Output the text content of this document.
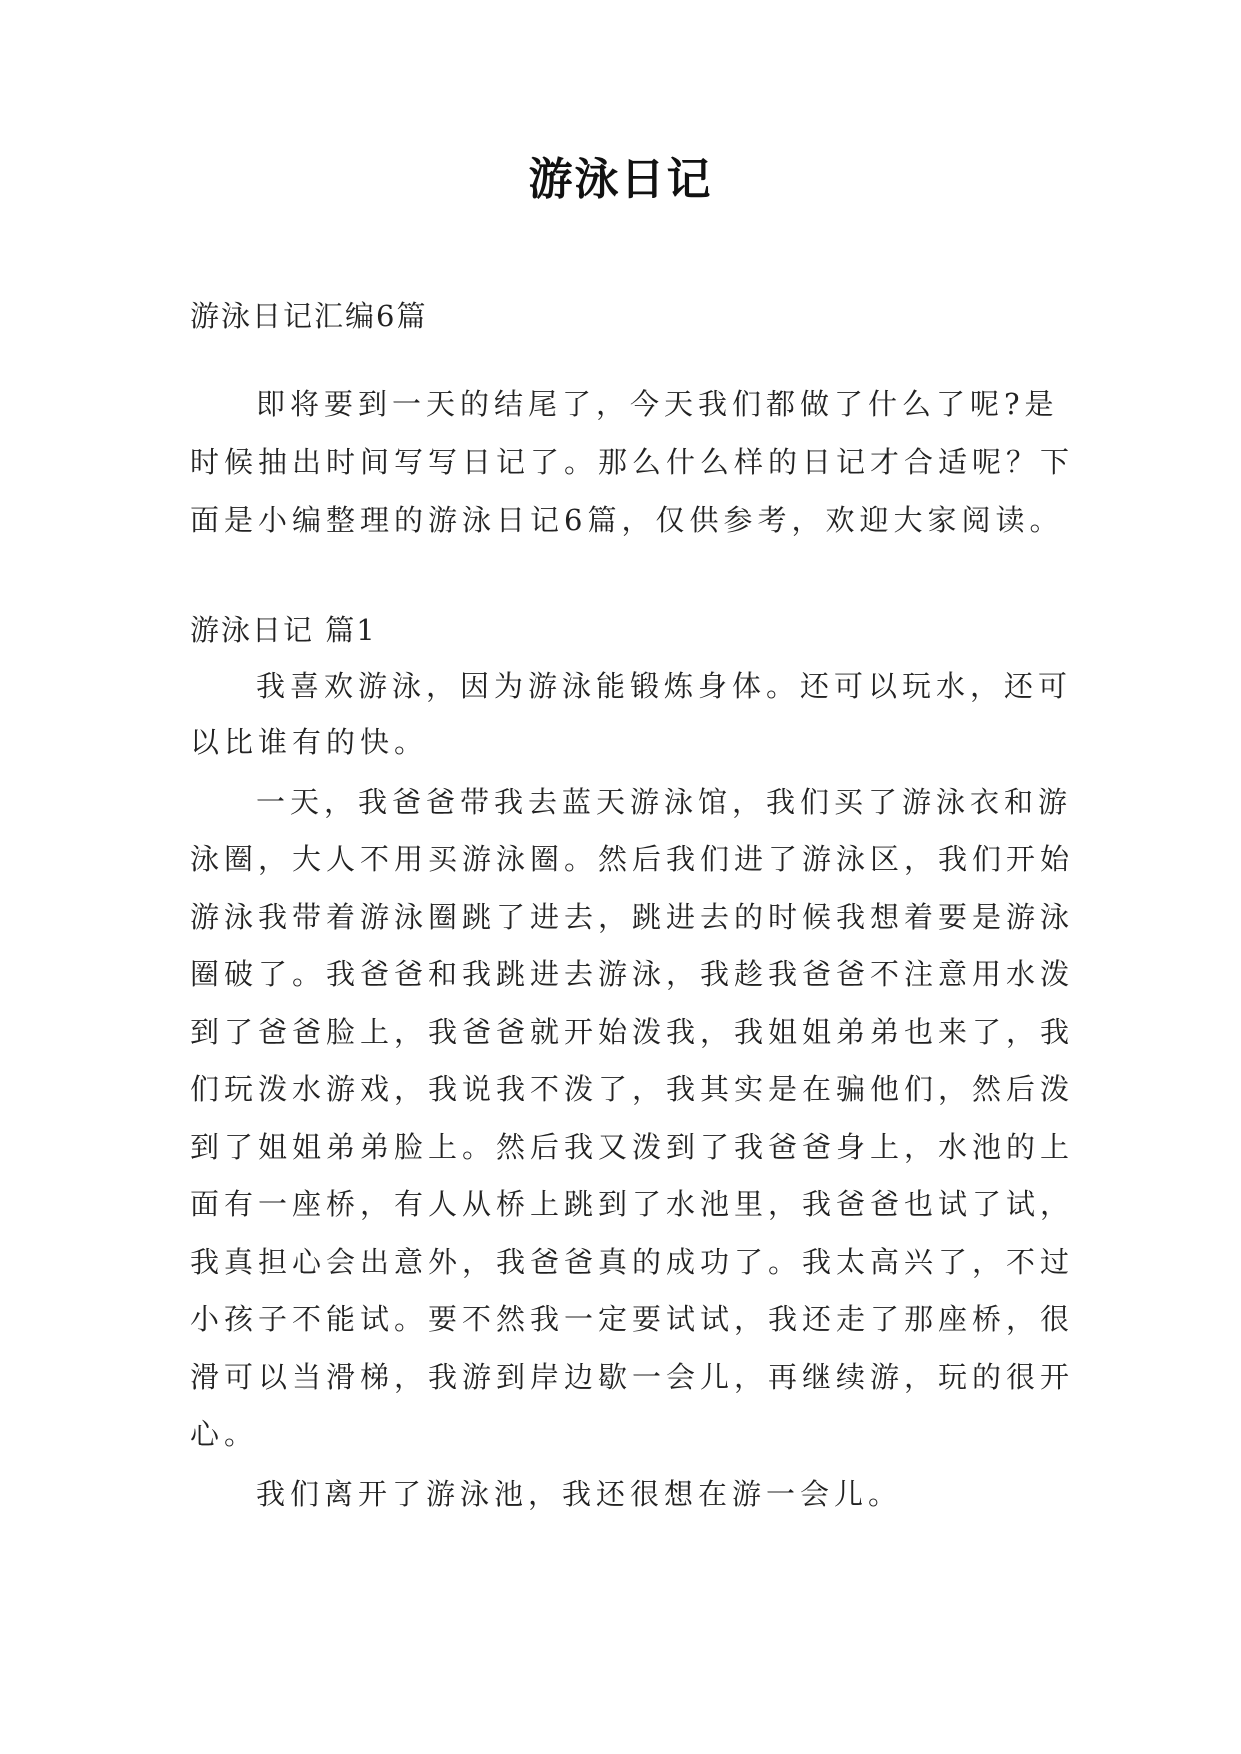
游泳日记
游泳日记汇编6篇
即将要到一天的结尾了，今天我们都做了什么了呢?是
时候抽出时间写写日记了。那么什么样的日记才合适呢？下
面是小编整理的游泳日记6篇，仅供参考，欢迎大家阅读。
游泳日记 篇1
我喜欢游泳，因为游泳能锻炼身体。还可以玩水，还可
以比谁有的快。
一天，我爸爸带我去蓝天游泳馆，我们买了游泳衣和游
泳圈，大人不用买游泳圈。然后我们进了游泳区，我们开始
游泳我带着游泳圈跳了进去，跳进去的时候我想着要是游泳
圈破了。我爸爸和我跳进去游泳，我趁我爸爸不注意用水泼
到了爸爸脸上，我爸爸就开始泼我，我姐姐弟弟也来了，我
们玩泼水游戏，我说我不泼了，我其实是在骗他们，然后泼
到了姐姐弟弟脸上。然后我又泼到了我爸爸身上，水池的上
面有一座桥，有人从桥上跳到了水池里，我爸爸也试了试，
我真担心会出意外，我爸爸真的成功了。我太高兴了，不过
小孩子不能试。要不然我一定要试试，我还走了那座桥，很
滑可以当滑梯，我游到岸边歇一会儿，再继续游，玩的很开
心。
我们离开了游泳池，我还很想在游一会儿。
